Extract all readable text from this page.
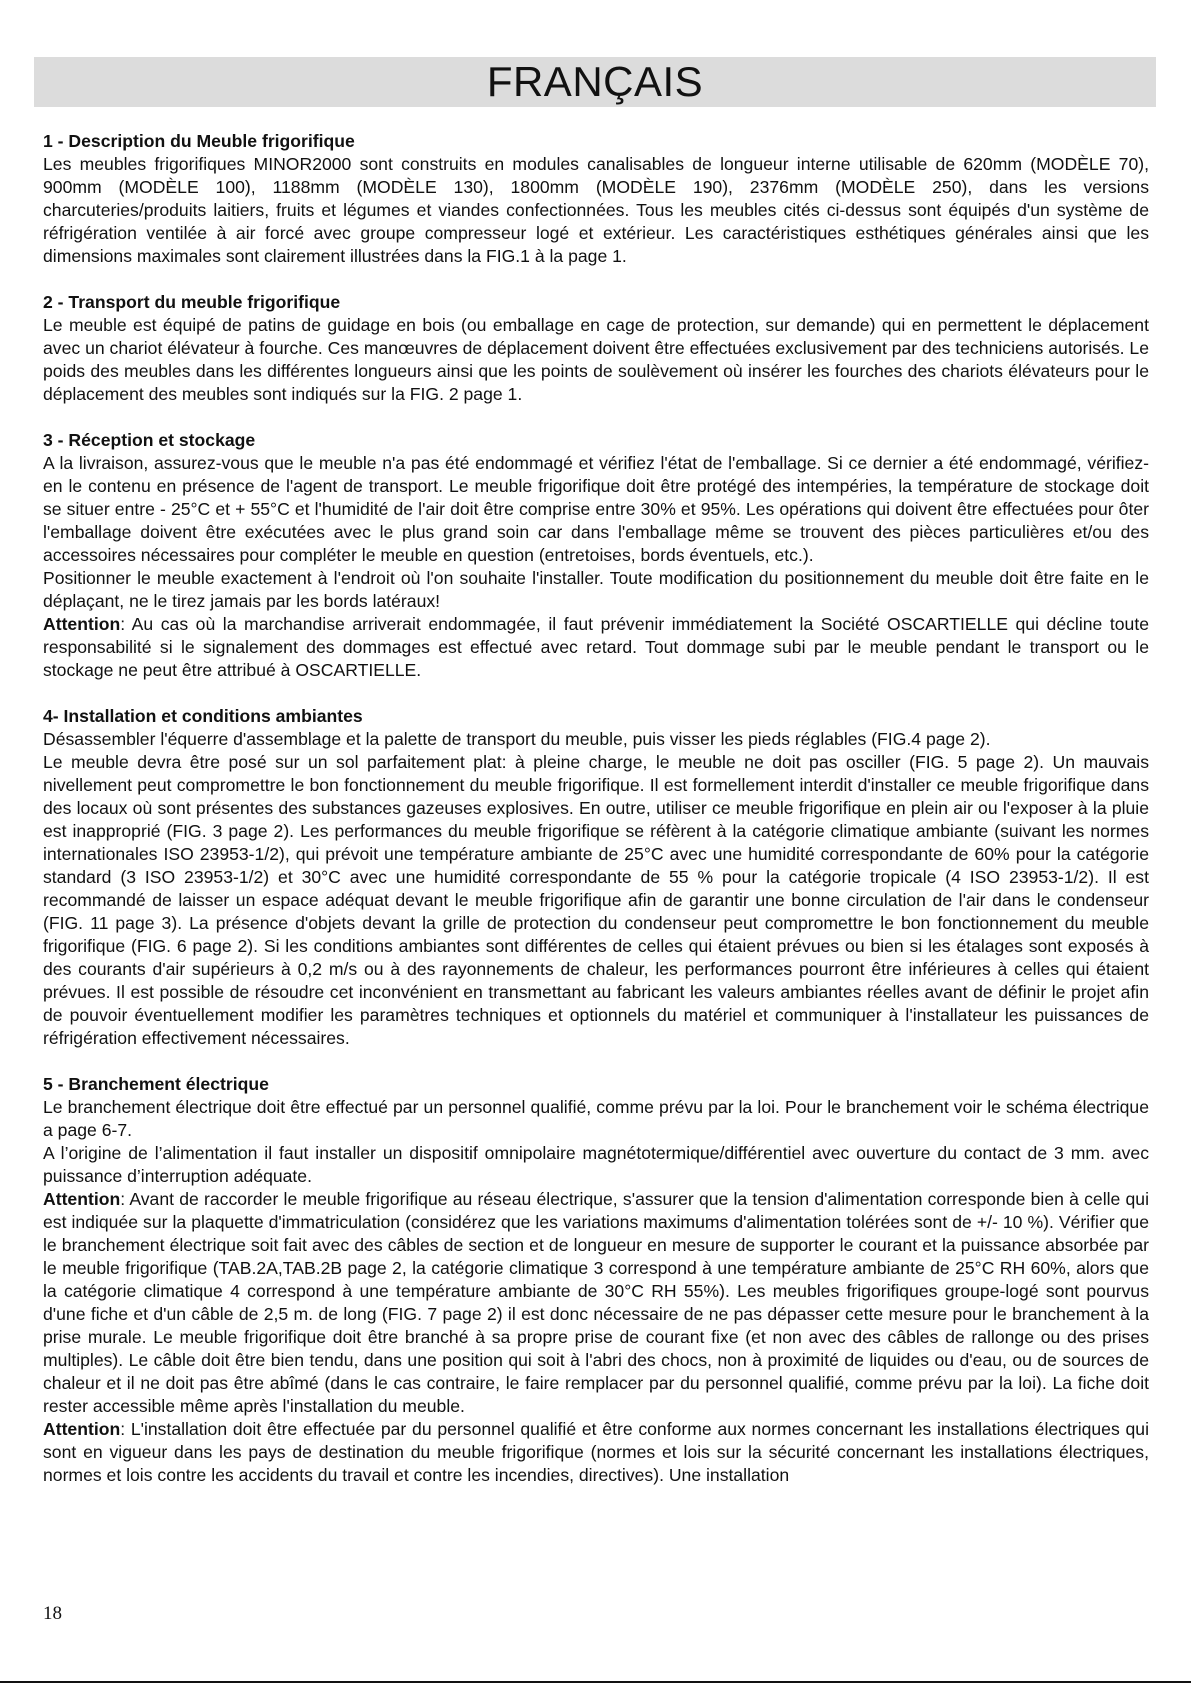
FRANÇAIS

1 - Description du Meuble frigorifique

Les meubles frigorifiques MINOR2000 sont construits en modules canalisables de longueur interne utilisable de 620mm (MODÈLE 70), 900mm (MODÈLE 100), 1188mm (MODÈLE 130), 1800mm (MODÈLE 190), 2376mm (MODÈLE 250), dans les versions charcuteries/produits laitiers, fruits et légumes et viandes confectionnées. Tous les meubles cités ci-dessus sont équipés d'un système de réfrigération ventilée à air forcé avec groupe compresseur logé et extérieur. Les caractéristiques esthétiques générales ainsi que les dimensions maximales sont clairement illustrées dans la FIG.1 à la page 1.

2 - Transport du meuble frigorifique

Le meuble est équipé de patins de guidage en bois (ou emballage en cage de protection, sur demande) qui en permettent le déplacement avec un chariot élévateur à fourche. Ces manœuvres de déplacement doivent être effectuées exclusivement par des techniciens autorisés. Le poids des meubles dans les différentes longueurs ainsi que les points de soulèvement où insérer les fourches des chariots élévateurs pour le déplacement des meubles sont indiqués sur la FIG. 2 page 1.

3 - Réception et stockage

A la livraison, assurez-vous que le meuble n'a pas été endommagé et vérifiez l'état de l'emballage. Si ce dernier a été endommagé, vérifiez-en le contenu en présence de l'agent de transport. Le meuble frigorifique doit être protégé des intempéries, la température de stockage doit se situer entre - 25°C et + 55°C et l'humidité de l'air doit être comprise entre 30% et 95%. Les opérations qui doivent être effectuées pour ôter l'emballage doivent être exécutées avec le plus grand soin car dans l'emballage même se trouvent des pièces particulières et/ou des accessoires nécessaires pour compléter le meuble en question (entretoises, bords éventuels, etc.).

Positionner le meuble exactement à l'endroit où l'on souhaite l'installer. Toute modification du positionnement du meuble doit être faite en le déplaçant, ne le tirez jamais par les bords latéraux!

Attention: Au cas où la marchandise arriverait endommagée, il faut prévenir immédiatement la Société OSCARTIELLE qui décline toute responsabilité si le signalement des dommages est effectué avec retard. Tout dommage subi par le meuble pendant le transport ou le stockage ne peut être attribué à OSCARTIELLE.

4- Installation et conditions ambiantes

Désassembler l'équerre d'assemblage et la palette de transport du meuble, puis visser les pieds réglables (FIG.4 page 2).

Le meuble devra être posé sur un sol parfaitement plat: à pleine charge, le meuble ne doit pas osciller (FIG. 5 page 2). Un mauvais nivellement peut compromettre le bon fonctionnement du meuble frigorifique. Il est formellement interdit d'installer ce meuble frigorifique dans des locaux où sont présentes des substances gazeuses explosives. En outre, utiliser ce meuble frigorifique en plein air ou l'exposer à la pluie est inapproprié (FIG. 3 page 2). Les performances du meuble frigorifique se réfèrent à la catégorie climatique ambiante (suivant les normes internationales ISO 23953-1/2), qui prévoit une température ambiante de 25°C avec une humidité correspondante de 60% pour la catégorie standard (3 ISO 23953-1/2) et 30°C avec une humidité correspondante de 55 % pour la catégorie tropicale (4 ISO 23953-1/2). Il est recommandé de laisser un espace adéquat devant le meuble frigorifique afin de garantir une bonne circulation de l'air dans le condenseur (FIG. 11 page 3). La présence d'objets devant la grille de protection du condenseur peut compromettre le bon fonctionnement du meuble frigorifique (FIG. 6 page 2). Si les conditions ambiantes sont différentes de celles qui étaient prévues ou bien si les étalages sont exposés à des courants d'air supérieurs à 0,2 m/s ou à des rayonnements de chaleur, les performances pourront être inférieures à celles qui étaient prévues. Il est possible de résoudre cet inconvénient en transmettant au fabricant les valeurs ambiantes réelles avant de définir le projet afin de pouvoir éventuellement modifier les paramètres techniques et optionnels du matériel et communiquer à l'installateur les puissances de réfrigération effectivement nécessaires.

5 - Branchement électrique

Le branchement électrique doit être effectué par un personnel qualifié, comme prévu par la loi. Pour le branchement voir le schéma électrique a page 6-7.

A l’origine de l’alimentation il faut installer un dispositif omnipolaire magnétotermique/différentiel avec ouverture du contact de 3 mm. avec puissance d’interruption adéquate.

Attention: Avant de raccorder le meuble frigorifique au réseau électrique, s'assurer que la tension d'alimentation corresponde bien à celle qui est indiquée sur la plaquette d'immatriculation (considérez que les variations maximums d'alimentation tolérées sont de +/- 10 %). Vérifier que le branchement électrique soit fait avec des câbles de section et de longueur en mesure de supporter le courant et la puissance absorbée par le meuble frigorifique (TAB.2A,TAB.2B page 2, la catégorie climatique 3 correspond à une température ambiante de 25°C RH 60%, alors que la catégorie climatique 4 correspond à une température ambiante de 30°C RH 55%). Les meubles frigorifiques groupe-logé sont pourvus d'une fiche et d'un câble de 2,5 m. de long (FIG. 7 page 2) il est donc nécessaire de ne pas dépasser cette mesure pour le branchement à la prise murale. Le meuble frigorifique doit être branché à sa propre prise de courant fixe (et non avec des câbles de rallonge ou des prises multiples). Le câble doit être bien tendu, dans une position qui soit à l'abri des chocs, non à proximité de liquides ou d'eau, ou de sources de chaleur et il ne doit pas être abîmé (dans le cas contraire, le faire remplacer par du personnel qualifié, comme prévu par la loi). La fiche doit rester accessible même après l'installation du meuble.

Attention: L'installation doit être effectuée par du personnel qualifié et être conforme aux normes concernant les installations électriques qui sont en vigueur dans les pays de destination du meuble frigorifique (normes et lois sur la sécurité concernant les installations électriques, normes et lois contre les accidents du travail et contre les incendies, directives). Une installation

18
